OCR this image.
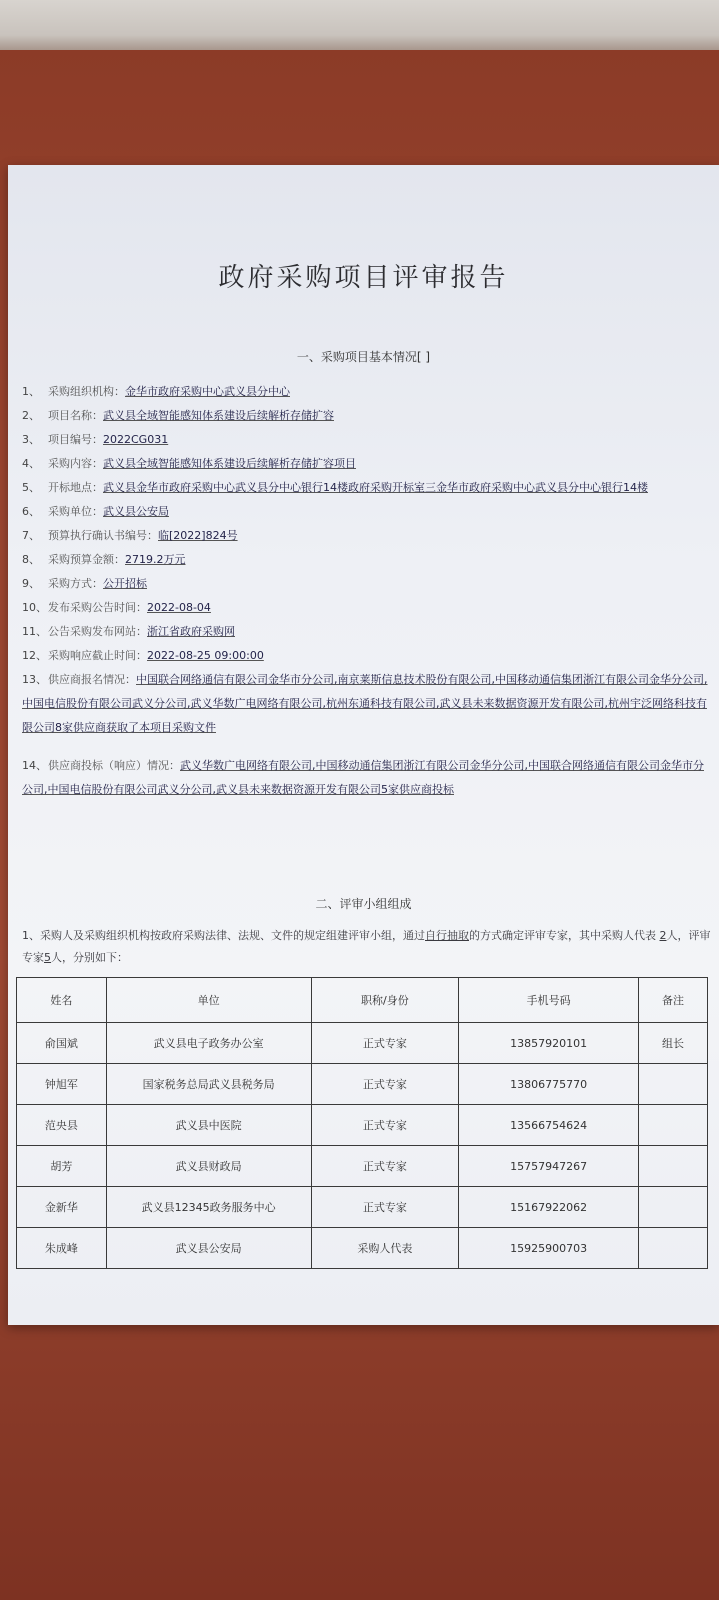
政府采购项目评审报告
一、采购项目基本情况[ ]
1、 采购组织机构：金华市政府采购中心武义县分中心
2、 项目名称：武义县全域智能感知体系建设后续解析存储扩容
3、 项目编号：2022CG031
4、 采购内容：武义县全域智能感知体系建设后续解析存储扩容项目
5、 开标地点：武义县金华市政府采购中心武义县分中心银行14楼政府采购开标室三金华市政府采购中心武义县分中心银行14楼
6、 采购单位：武义县公安局
7、 预算执行确认书编号：临[2022]824号
8、 采购预算金额：2719.2万元
9、 采购方式：公开招标
10、发布采购公告时间：2022-08-04
11、公告采购发布网站：浙江省政府采购网
12、采购响应截止时间：2022-08-25 09:00:00
13、供应商报名情况：中国联合网络通信有限公司金华市分公司,南京莱斯信息技术股份有限公司,中国移动通信集团浙江有限公司金华分公司,中国电信股份有限公司武义分公司,武义华数广电网络有限公司,杭州东通科技有限公司,武义县未来数据资源开发有限公司,杭州宇泛网络科技有限公司8家供应商获取了本项目采购文件
14、供应商投标（响应）情况：武义华数广电网络有限公司,中国移动通信集团浙江有限公司金华分公司,中国联合网络通信有限公司金华市分公司,中国电信股份有限公司武义分公司,武义县未来数据资源开发有限公司5家供应商投标
二、评审小组组成
1、采购人及采购组织机构按政府采购法律、法规、文件的规定组建评审小组，通过自行抽取的方式确定评审专家，其中采购人代表 2人，评审专家5人，分别如下：
姓名	单位	职称/身份	手机号码	备注
俞国斌	武义县电子政务办公室	正式专家	13857920101	组长
钟旭军	国家税务总局武义县税务局	正式专家	13806775770	
范央县	武义县中医院	正式专家	13566754624	
胡芳	武义县财政局	正式专家	15757947267	
金新华	武义县12345政务服务中心	正式专家	15167922062	
朱成峰	武义县公安局	采购人代表	15925900703	
